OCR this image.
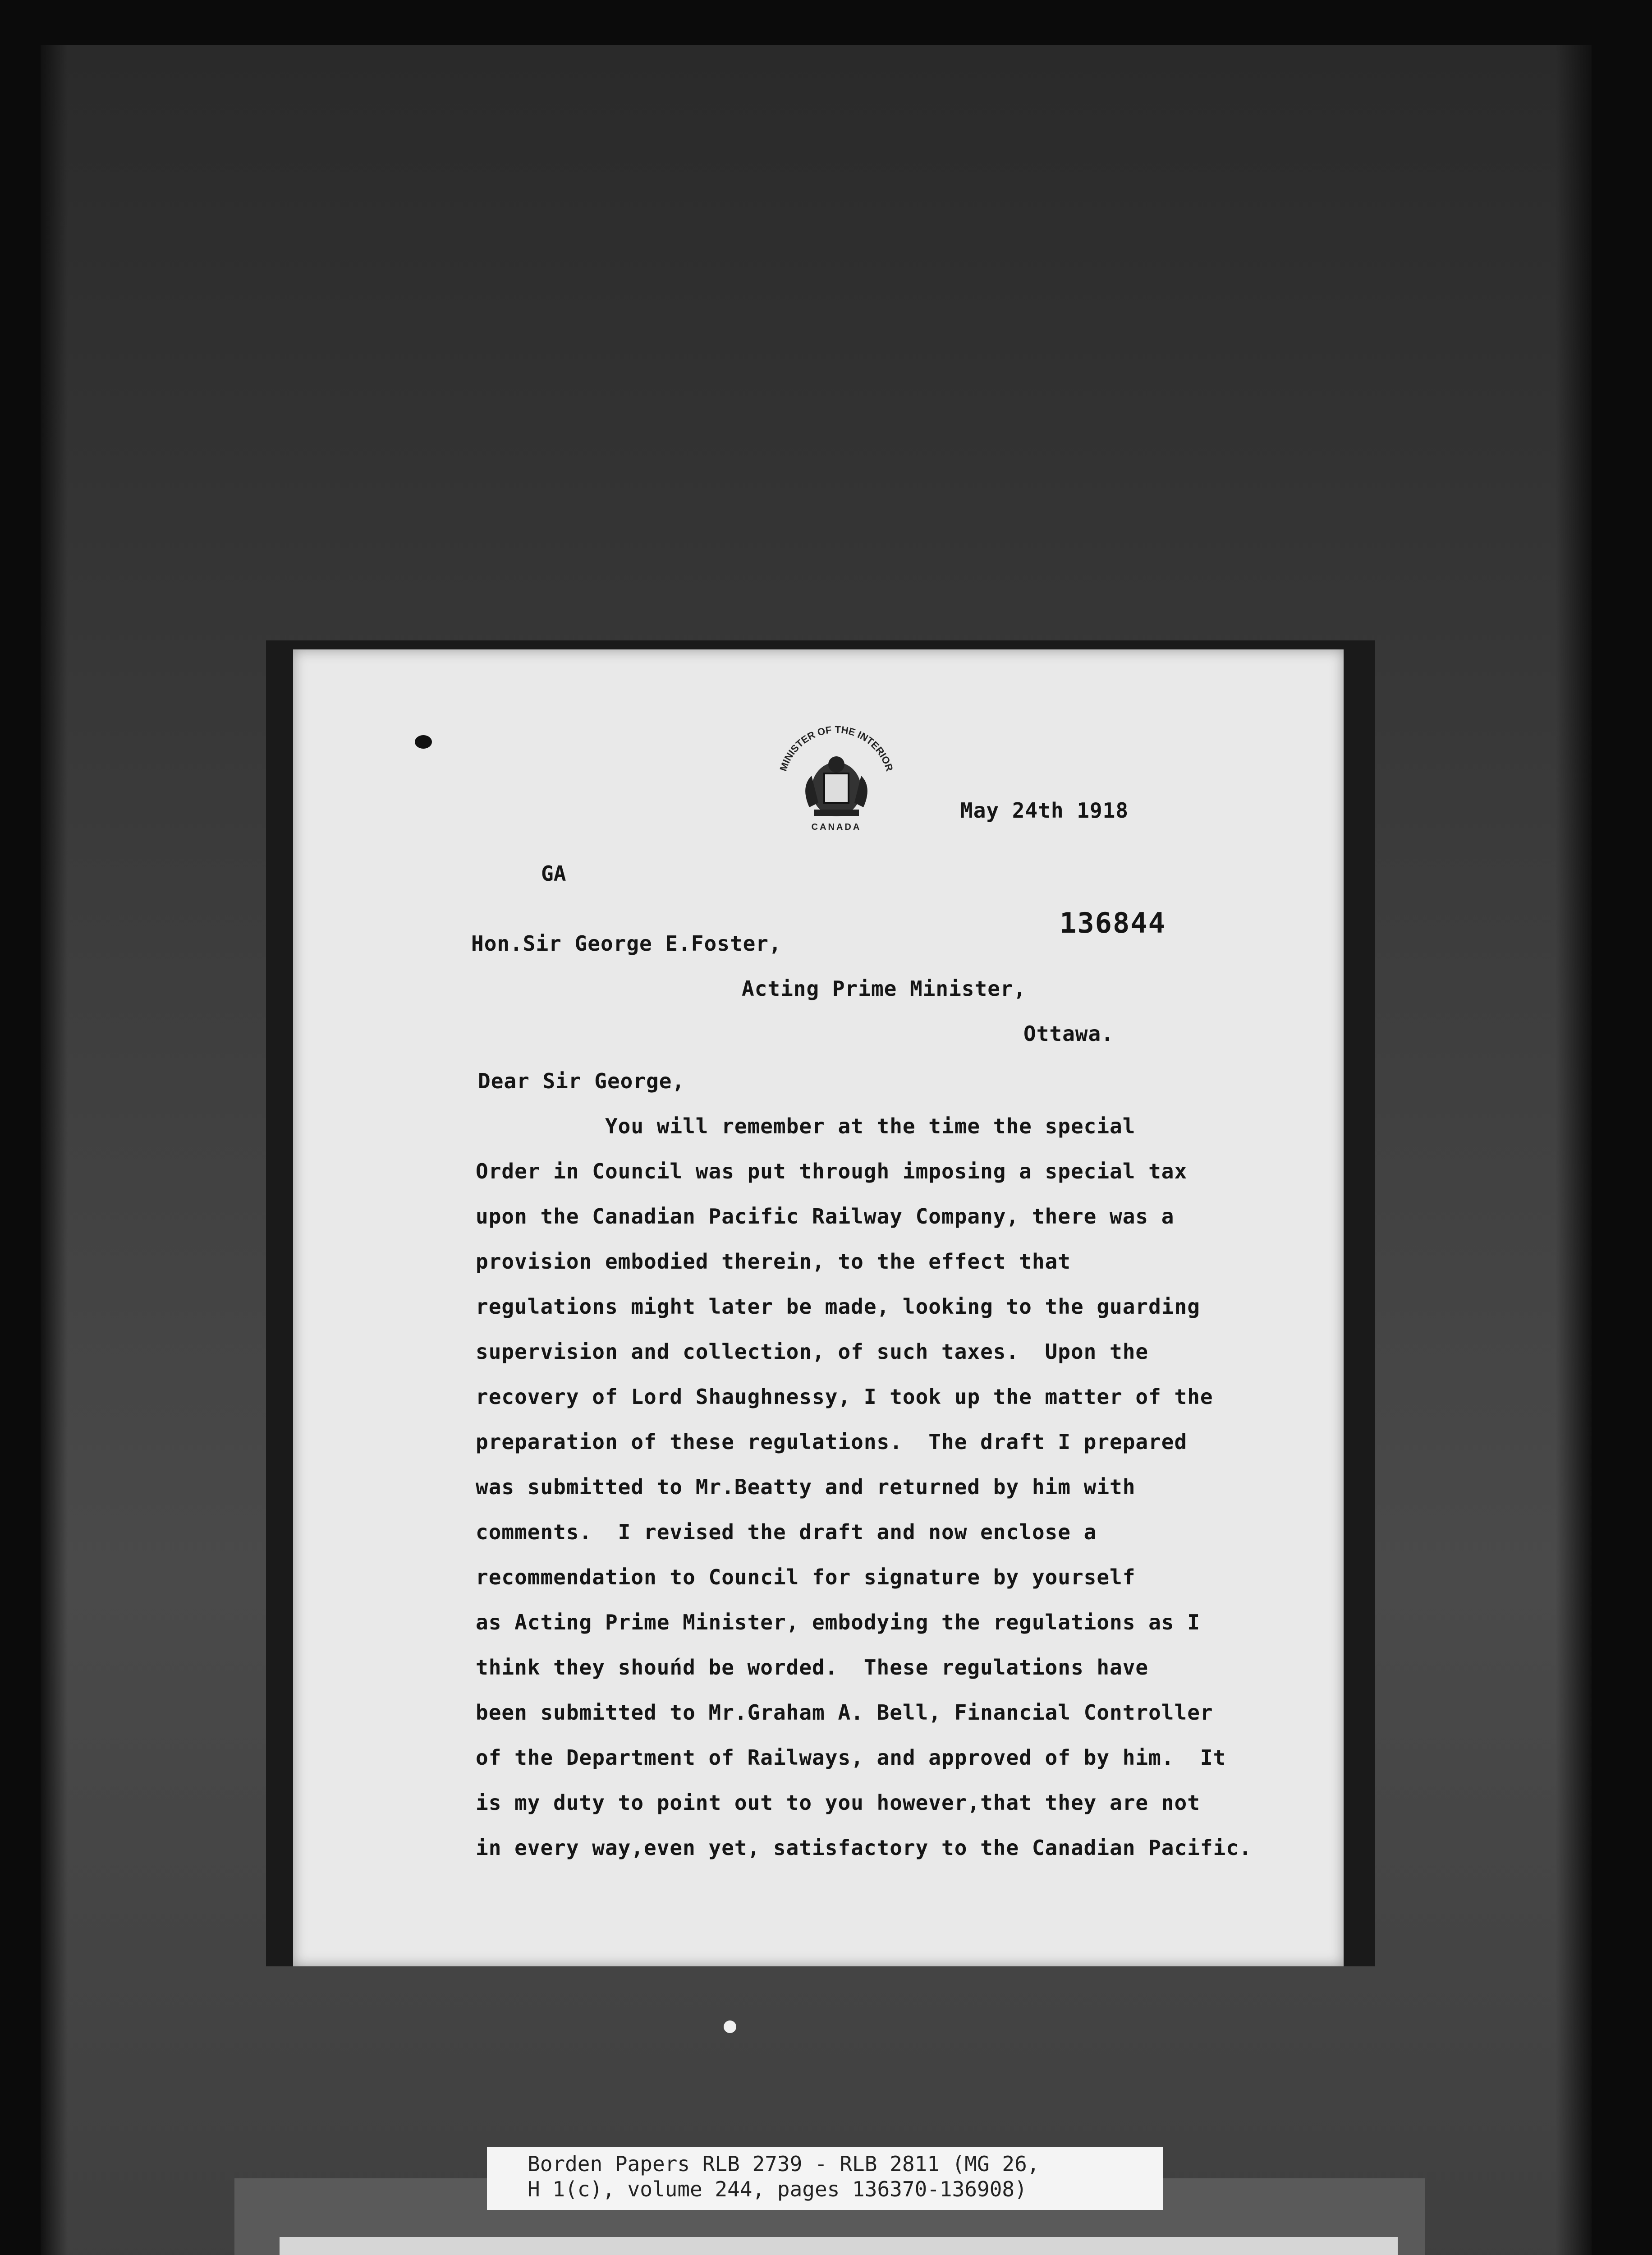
MINISTER OF THE INTERIOR
CANADA
May 24th 1918
GA
136844
Hon.Sir George E.Foster,
Acting Prime Minister,
Ottawa.
Dear Sir George,
You will remember at the time the special
Order in Council was put through imposing a special tax
upon the Canadian Pacific Railway Company, there was a
provision embodied therein, to the effect that
regulations might later be made, looking to the guarding
supervision and collection, of such taxes.  Upon the
recovery of Lord Shaughnessy, I took up the matter of the
preparation of these regulations.  The draft I prepared
was submitted to Mr.Beatty and returned by him with
comments.  I revised the draft and now enclose a
recommendation to Council for signature by yourself
as Acting Prime Minister, embodying the regulations as I
think they shouńd be worded.  These regulations have
been submitted to Mr.Graham A. Bell, Financial Controller
of the Department of Railways, and approved of by him.  It
is my duty to point out to you however,that they are not
in every way,even yet, satisfactory to the Canadian Pacific.
Borden Papers RLB 2739 - RLB 2811 (MG 26,
H 1(c), volume 244, pages 136370-136908)
